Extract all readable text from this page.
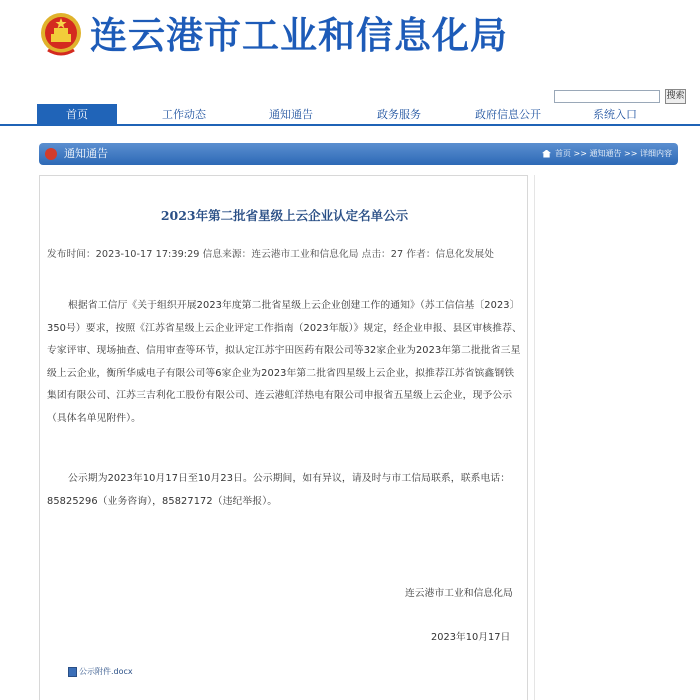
连云港市工业和信息化局
搜索
首页	工作动态	通知通告	政务服务	政府信息公开	系统入口
通知通告	首页 >> 通知通告 >> 详细内容
2023年第二批省星级上云企业认定名单公示
发布时间：2023-10-17 17:39:29 信息来源：连云港市工业和信息化局 点击：27 作者：信息化发展处
根据省工信厅《关于组织开展2023年度第二批省星级上云企业创建工作的通知》（苏工信信基〔2023〕350号）要求，按照《江苏省星级上云企业评定工作指南（2023年版）》规定，经企业申报、县区审核推荐、专家评审、现场抽查、信用审查等环节，拟认定江苏宇田医药有限公司等32家企业为2023年第二批批省三星级上云企业，衡所华威电子有限公司等6家企业为2023年第二批省四星级上云企业，拟推荐江苏省镔鑫钢铁集团有限公司、江苏三吉利化工股份有限公司、连云港虹洋热电有限公司申报省五星级上云企业，现予公示（具体名单见附件）。
公示期为2023年10月17日至10月23日。公示期间，如有异议，请及时与市工信局联系，联系电话：85825296（业务咨询），85827172（违纪举报）。
连云港市工业和信息化局
2023年10月17日
公示附件.docx
